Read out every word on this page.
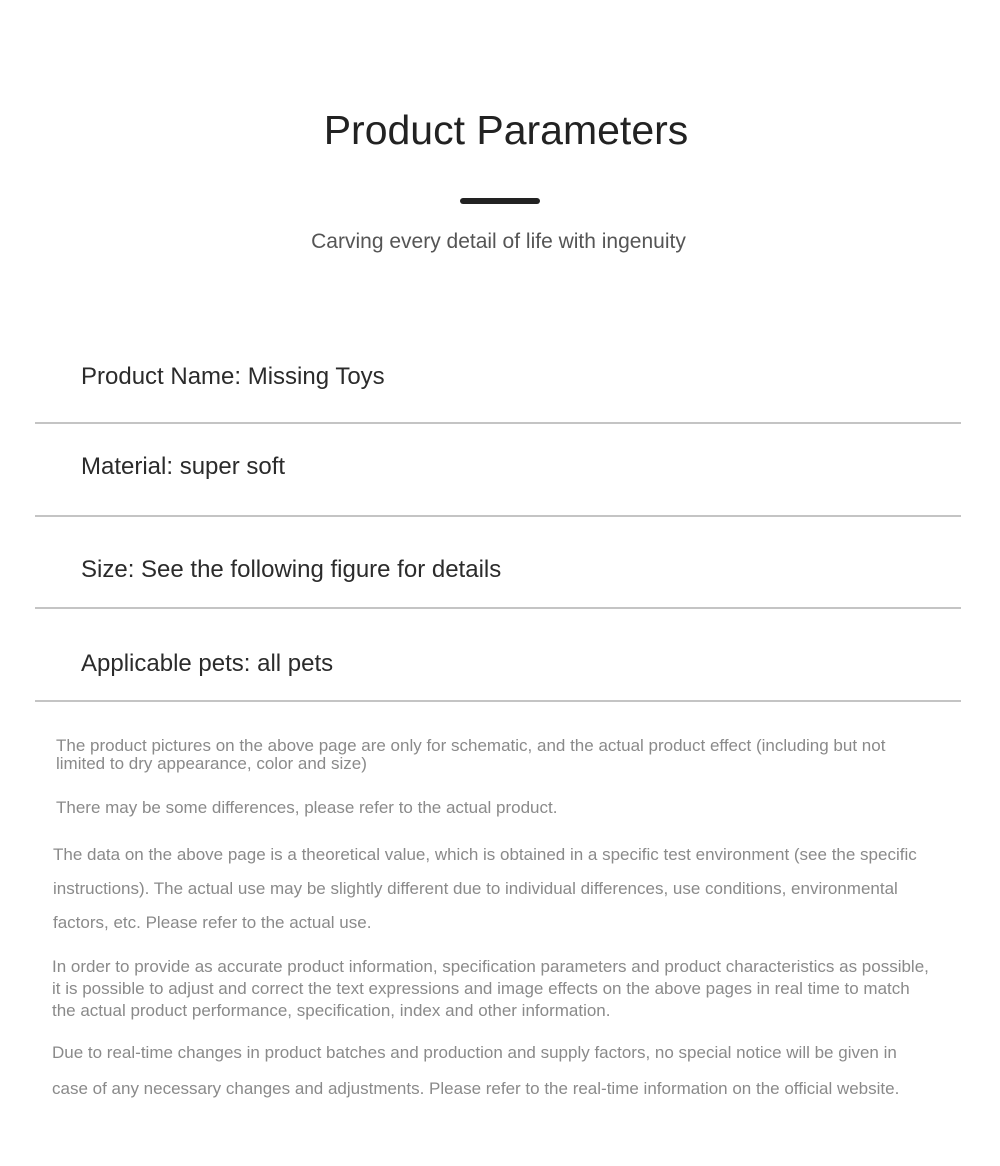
Product Parameters
Carving every detail of life with ingenuity
Product Name: Missing Toys
Material: super soft
Size: See the following figure for details
Applicable pets: all pets

The product pictures on the above page are only for schematic, and the actual product effect (including but not limited to dry appearance, color and size)

There may be some differences, please refer to the actual product.

The data on the above page is a theoretical value, which is obtained in a specific test environment (see the specific instructions). The actual use may be slightly different due to individual differences, use conditions, environmental factors, etc. Please refer to the actual use.

In order to provide as accurate product information, specification parameters and product characteristics as possible, it is possible to adjust and correct the text expressions and image effects on the above pages in real time to match the actual product performance, specification, index and other information.

Due to real-time changes in product batches and production and supply factors, no special notice will be given in case of any necessary changes and adjustments. Please refer to the real-time information on the official website.
